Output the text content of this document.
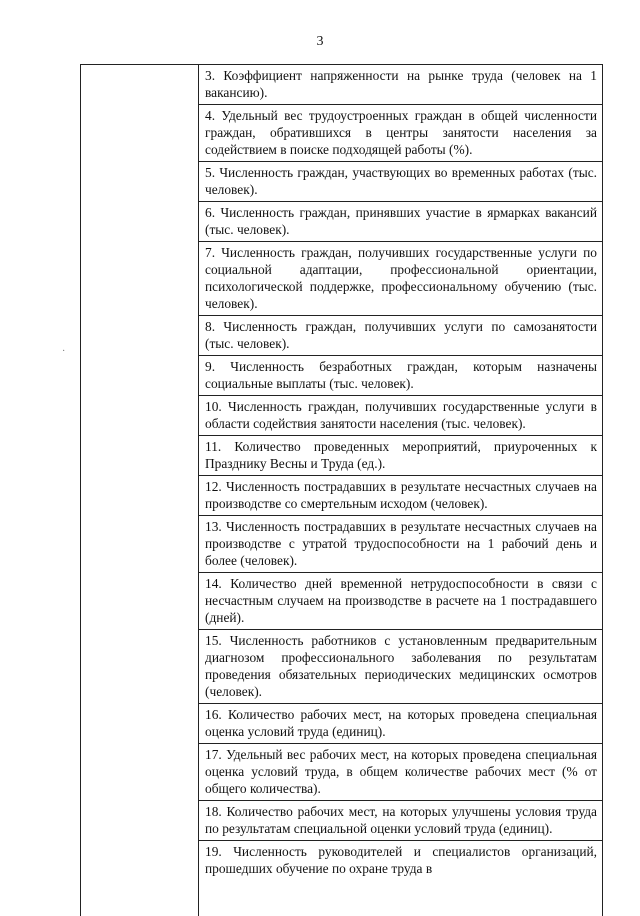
3
·
3. Коэффициент напряженности на рынке труда (человек на 1 вакансию).
4. Удельный вес трудоустроенных граждан в общей численности граждан, обратившихся в центры занятости населения за содействием в поиске подходящей работы (%).
5. Численность граждан, участвующих во временных работах (тыс. человек).
6. Численность граждан, принявших участие в ярмарках вакансий (тыс. человек).
7. Численность граждан, получивших государственные услуги по социальной адаптации, профессиональной ориентации, психологической поддержке, профессиональному обучению (тыс. человек).
8. Численность граждан, получивших услуги по самозанятости (тыс. человек).
9. Численность безработных граждан, которым назначены социальные выплаты (тыс. человек).
10. Численность граждан, получивших государственные услуги в области содействия занятости населения (тыс. человек).
11. Количество проведенных мероприятий, приуроченных к Празднику Весны и Труда (ед.).
12. Численность пострадавших в результате несчастных случаев на производстве со смертельным исходом (человек).
13. Численность пострадавших в результате несчастных случаев на производстве с утратой трудоспособности на 1 рабочий день и более (человек).
14. Количество дней временной нетрудоспособности в связи с несчастным случаем на производстве в расчете на 1 пострадавшего (дней).
15. Численность работников с установленным предварительным диагнозом профессионального заболевания по результатам проведения обязательных периодических медицинских осмотров (человек).
16. Количество рабочих мест, на которых проведена специальная оценка условий труда (единиц).
17. Удельный вес рабочих мест, на которых проведена специальная оценка условий труда, в общем количестве рабочих мест (% от общего количества).
18. Количество рабочих мест, на которых улучшены условия труда по результатам специальной оценки условий труда (единиц).
19. Численность руководителей и специалистов организаций, прошедших обучение по охране труда в
